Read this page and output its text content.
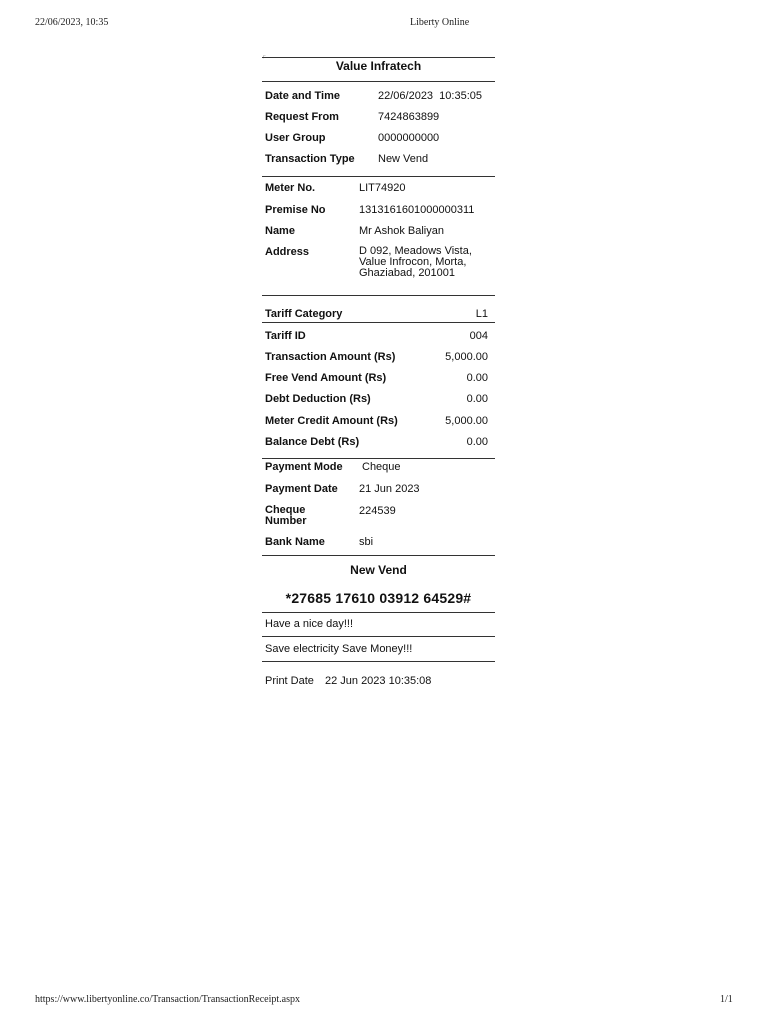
22/06/2023, 10:35	Liberty Online
https://www.libertyonline.co/Transaction/TransactionReceipt.aspx	1/1
┌
Value Infratech
Date and Time	22/06/2023  10:35:05
Request From	7424863899
User Group	0000000000
Transaction Type New Vend
Meter No.	LIT74920
Premise No	1313161601000000311
Name	Mr Ashok Baliyan
Address	D 092, Meadows Vista,
Value Infrocon, Morta,
Ghaziabad, 201001
Tariff Category	L1
Tariff ID	004
Transaction Amount (Rs)	5,000.00
Free Vend Amount (Rs)	0.00
Debt Deduction (Rs)	0.00
Meter Credit Amount (Rs)	5,000.00
Balance Debt (Rs)	0.00
Payment Mode Cheque
Payment Date 21 Jun 2023
Cheque
Number
224539
Bank Name	sbi
New Vend
*27685 17610 03912 64529#
Have a nice day!!!
Save electricity Save Money!!!
Print Date 22 Jun 2023 10:35:08
